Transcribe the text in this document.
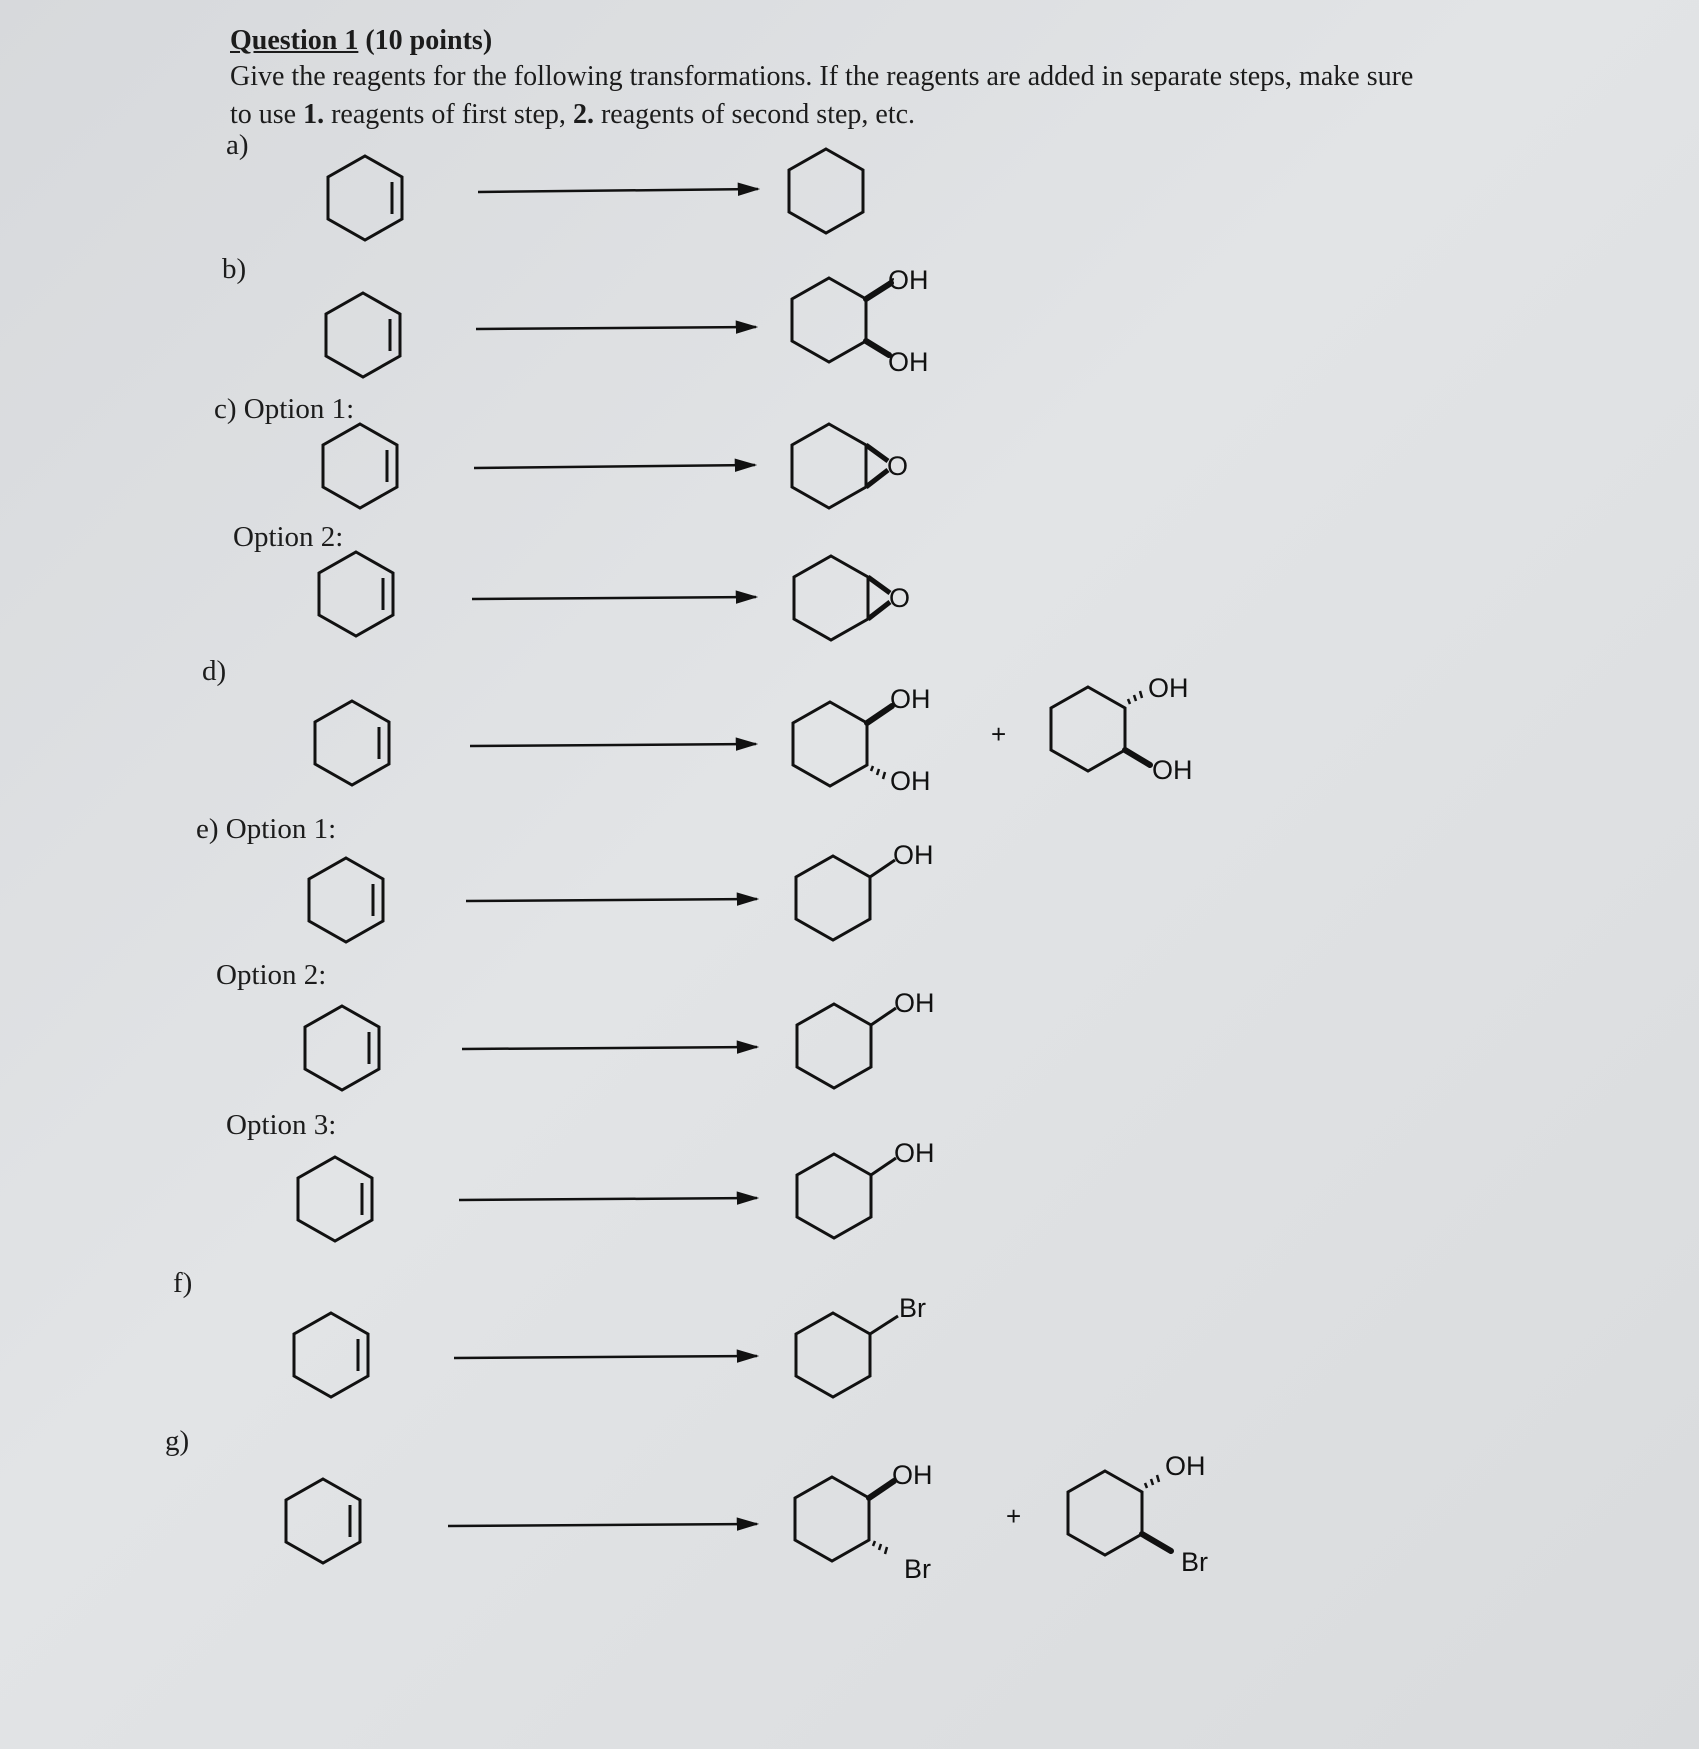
Question 1 (10 points)
Give the reagents for the following transformations. If the reagents are added in separate steps, make sure
to use 1. reagents of first step, 2. reagents of second step, etc.
a)
b)
c) Option 1:
Option 2:
d)
e) Option 1:
Option 2:
Option 3:
f)
g)
OH
OH
O
O
OH
OH
+
OH
OH
OH
OH
OH
Br
OH
Br
+
OH
Br
